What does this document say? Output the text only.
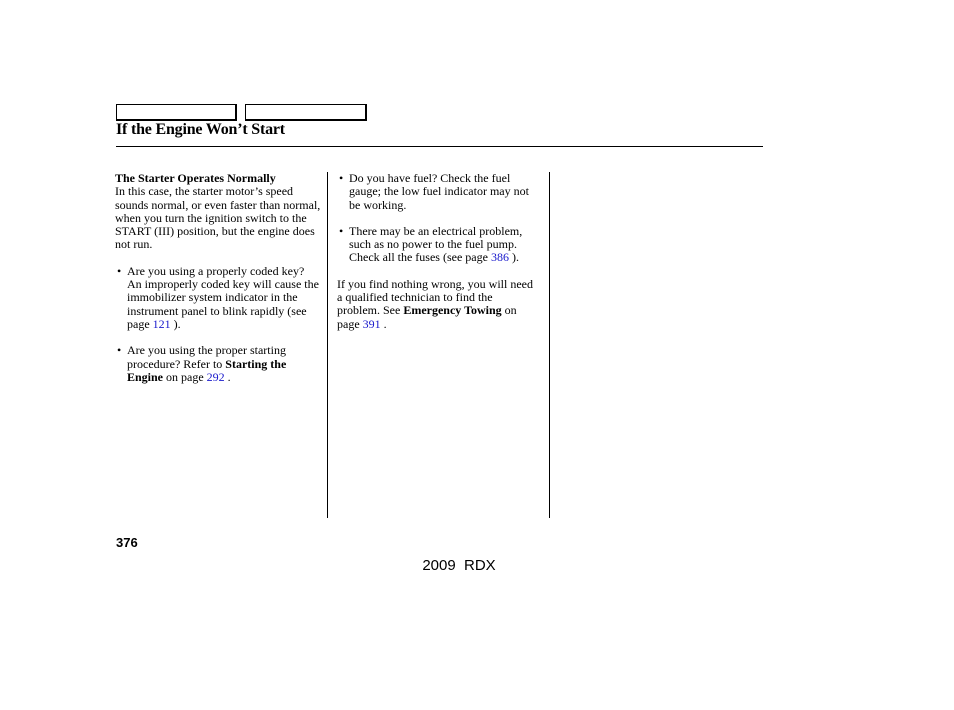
If the Engine Won’t Start
The Starter Operates Normally

In this case, the starter motor’s speed sounds normal, or even faster than normal, when you turn the ignition switch to the START (III) position, but the engine does not run.

• Are you using a properly coded key? An improperly coded key will cause the immobilizer system indicator in the instrument panel to blink rapidly (see page 121 ).

• Are you using the proper starting procedure? Refer to Starting the Engine on page 292 .

• Do you have fuel? Check the fuel gauge; the low fuel indicator may not be working.

• There may be an electrical problem, such as no power to the fuel pump. Check all the fuses (see page 386 ).

If you find nothing wrong, you will need a qualified technician to find the problem. See Emergency Towing on page 391 .

376
2009  RDX
